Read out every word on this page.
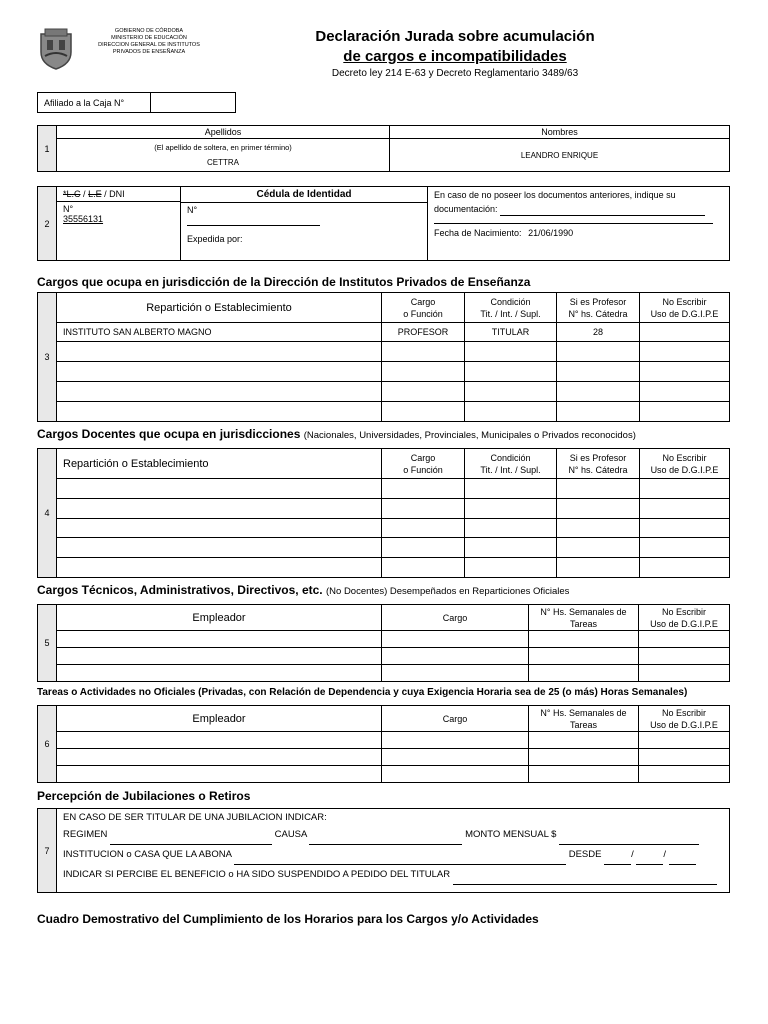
GOBIERNO DE CÓRDOBA
MINISTERIO DE EDUCACIÓN
DIRECCION GENERAL DE INSTITUTOS
PRIVADOS DE ENSEÑANZA
Declaración Jurada sobre acumulación
de cargos e incompatibilidades
Decreto ley 214 E-63 y Decreto Reglamentario 3489/63
Afiliado a la Caja N°	
1	Apellidos	Nombres

	(El apellido de soltera, en primer término)
CETTRA	LEANDRO ENRIQUE
2	
*L.C / L.E / DNI
N°
35556131

Cédula de Identidad
N°
Expedida por:

En caso de no poseer los documentos anteriores, indique su
documentación:
Fecha de Nacimiento: 21/06/1990
Cargos que ocupa en jurisdicción de la Dirección de Institutos Privados de Enseñanza
3	Repartición o Establecimiento	Cargo
o Función	Condición
Tit. / Int. / Supl.	Si es Profesor
N° hs. Cátedra	No Escribir
Uso de D.G.I.P.E
	INSTITUTO SAN ALBERTO MAGNO	PROFESOR	TITULAR	28	

Cargos Docentes que ocupa en jurisdicciones (Nacionales, Universidades, Provinciales, Municipales o Privados reconocidos)
4	Repartición o Establecimiento	Cargo
o Función	Condición
Tit. / Int. / Supl.	Si es Profesor
N° hs. Cátedra	No Escribir
Uso de D.G.I.P.E

Cargos Técnicos, Administrativos, Directivos, etc. (No Docentes) Desempeñados en Reparticiones Oficiales
5	Empleador	Cargo	N° Hs. Semanales de
Tareas	No Escribir
Uso de D.G.I.P.E

Tareas o Actividades no Oficiales (Privadas, con Relación de Dependencia y cuya Exigencia Horaria sea de 25 (o más) Horas Semanales)
6	Empleador	Cargo	N° Hs. Semanales de
Tareas	No Escribir
Uso de D.G.I.P.E

Percepción de Jubilaciones o Retiros
7	
EN CASO DE SER TITULAR DE UNA JUBILACION INDICAR:
REGIMEN	CAUSA	MONTO MENSUAL $
INSTITUCION o CASA QUE LA ABONA	DESDE	/	/
INDICAR SI PERCIBE EL BENEFICIO o HA SIDO SUSPENDIDO A PEDIDO DEL TITULAR
Cuadro Demostrativo del Cumplimiento de los Horarios para los Cargos y/o Actividades
